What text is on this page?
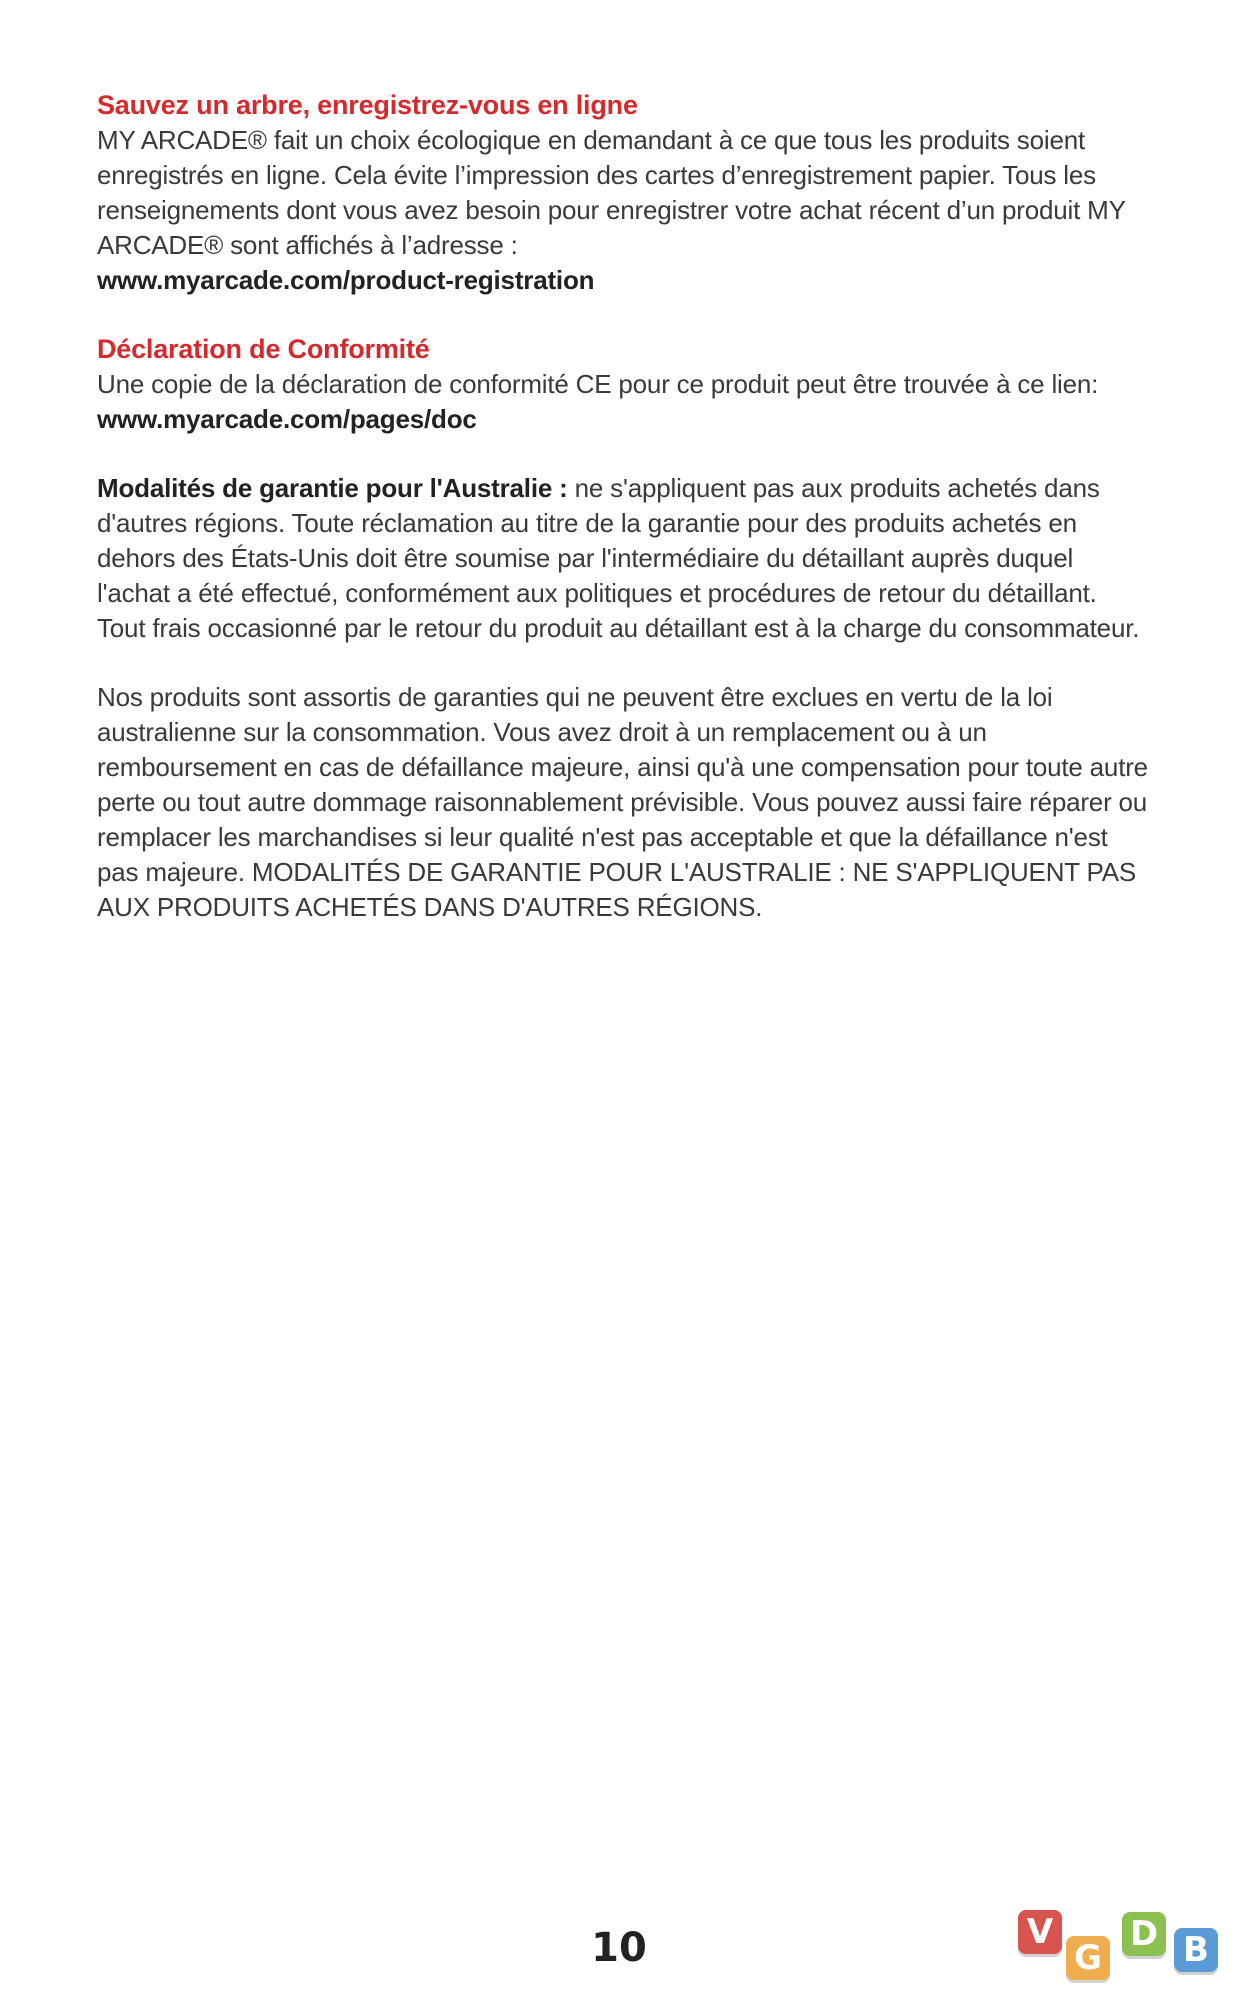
Sauvez un arbre, enregistrez-vous en ligne

MY ARCADE® fait un choix écologique en demandant à ce que tous les produits soient enregistrés en ligne. Cela évite l’impression des cartes d’enregistrement papier. Tous les renseignements dont vous avez besoin pour enregistrer votre achat récent d’un produit MY ARCADE® sont affichés à l’adresse :

www.myarcade.com/product-registration

Déclaration de Conformité

Une copie de la déclaration de conformité CE pour ce produit peut être trouvée à ce lien: www.myarcade.com/pages/doc

Modalités de garantie pour l'Australie : ne s'appliquent pas aux produits achetés dans d'autres régions. Toute réclamation au titre de la garantie pour des produits achetés en dehors des États-Unis doit être soumise par l'intermédiaire du détaillant auprès duquel l'achat a été effectué, conformément aux politiques et procédures de retour du détaillant. Tout frais occasionné par le retour du produit au détaillant est à la charge du consommateur.

Nos produits sont assortis de garanties qui ne peuvent être exclues en vertu de la loi australienne sur la consommation. Vous avez droit à un remplacement ou à un remboursement en cas de défaillance majeure, ainsi qu'à une compensation pour toute autre perte ou tout autre dommage raisonnablement prévisible. Vous pouvez aussi faire réparer ou remplacer les marchandises si leur qualité n'est pas acceptable et que la défaillance n'est pas majeure. MODALITÉS DE GARANTIE POUR L'AUSTRALIE : NE S'APPLIQUENT PAS AUX PRODUITS ACHETÉS DANS D'AUTRES RÉGIONS.

10	V
G
D B
